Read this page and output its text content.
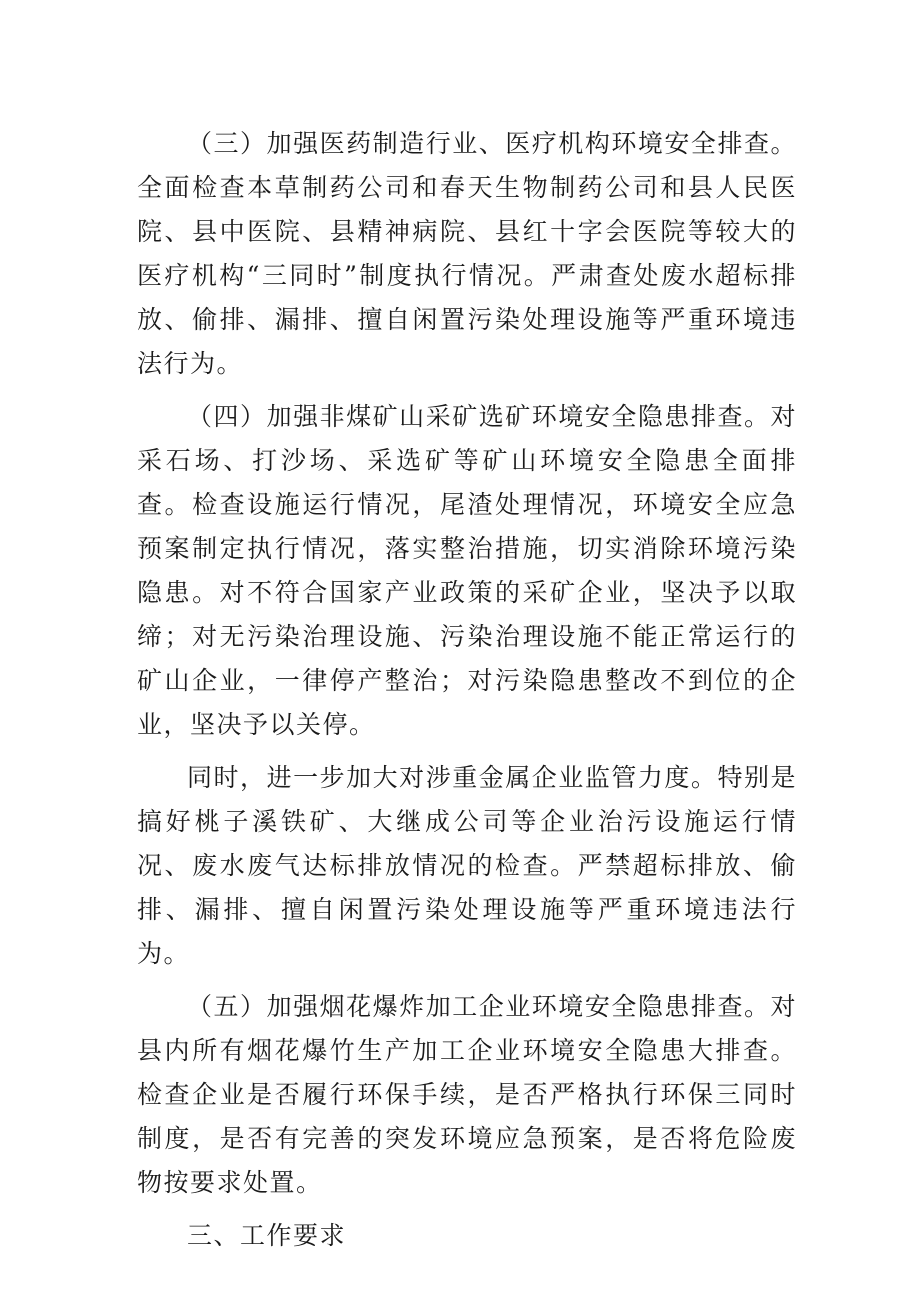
（三）加强医药制造行业、医疗机构环境安全排查。全面检查本草制药公司和春天生物制药公司和县人民医院、县中医院、县精神病院、县红十字会医院等较大的医疗机构“三同时”制度执行情况。严肃查处废水超标排放、偷排、漏排、擅自闲置污染处理设施等严重环境违法行为。

（四）加强非煤矿山采矿选矿环境安全隐患排查。对采石场、打沙场、采选矿等矿山环境安全隐患全面排查。检查设施运行情况，尾渣处理情况，环境安全应急预案制定执行情况，落实整治措施，切实消除环境污染隐患。对不符合国家产业政策的采矿企业，坚决予以取缔；对无污染治理设施、污染治理设施不能正常运行的矿山企业，一律停产整治；对污染隐患整改不到位的企业，坚决予以关停。

同时，进一步加大对涉重金属企业监管力度。特别是搞好桃子溪铁矿、大继成公司等企业治污设施运行情况、废水废气达标排放情况的检查。严禁超标排放、偷排、漏排、擅自闲置污染处理设施等严重环境违法行为。

（五）加强烟花爆炸加工企业环境安全隐患排查。对县内所有烟花爆竹生产加工企业环境安全隐患大排查。检查企业是否履行环保手续，是否严格执行环保三同时制度，是否有完善的突发环境应急预案，是否将危险废物按要求处置。

三、工作要求
